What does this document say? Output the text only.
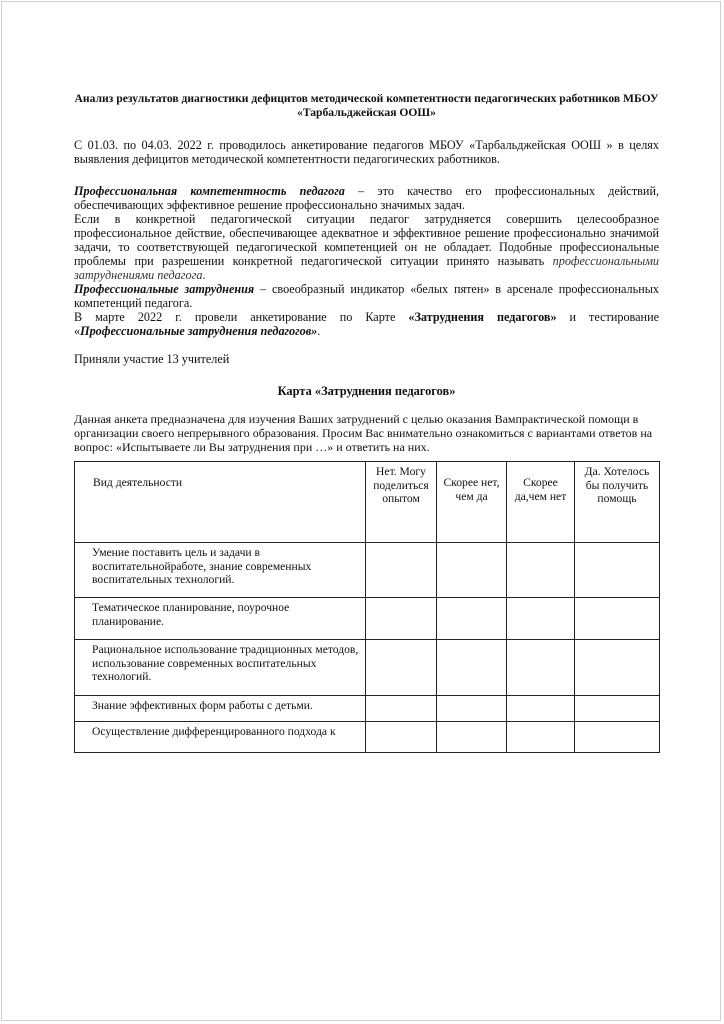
Анализ результатов диагностики дефицитов методической компетентности педагогических работников МБОУ «Тарбальджейская ООШ»

С 01.03. по 04.03. 2022 г. проводилось анкетирование педагогов МБОУ «Тарбальджейская ООШ » в целях выявления дефицитов методической компетентности педагогических работников.

Профессиональная компетентность педагога – это качество его профессиональных действий, обеспечивающих эффективное решение профессионально значимых задач.

Если в конкретной педагогической ситуации педагог затрудняется совершить целесообразное профессиональное действие, обеспечивающее адекватное и эффективное решение профессионально значимой задачи, то соответствующей педагогической компетенцией он не обладает. Подобные профессиональные проблемы при разрешении конкретной педагогической ситуации принято называть профессиональными затруднениями педагога.

Профессиональные затруднения – своеобразный индикатор «белых пятен» в арсенале профессиональных компетенций педагога.

В марте 2022 г. провели анкетирование по Карте «Затруднения педагогов» и тестирование «Профессиональные затруднения педагогов».

Приняли участие 13 учителей

Карта «Затруднения педагогов»

Данная анкета предназначена для изучения Ваших затруднений с целью оказания Вампрактической помощи в организации своего непрерывного образования. Просим Вас внимательно ознакомиться с вариантами ответов на вопрос: «Испытываете ли Вы затруднения при …» и ответить на них.

Вид деятельности	Нет. Могу поделиться опытом	Скорее нет, чем да	Скорее да,чем нет	Да. Хотелось бы получить помощь
Умение поставить цель и задачи в воспитательнойработе, знание современных воспитательных технологий.				
Тематическое планирование, поурочное планирование.				
Рациональное использование традиционных методов, использование современных воспитательных технологий.				
Знание эффективных форм работы с детьми.				
Осуществление дифференцированного подхода к				
